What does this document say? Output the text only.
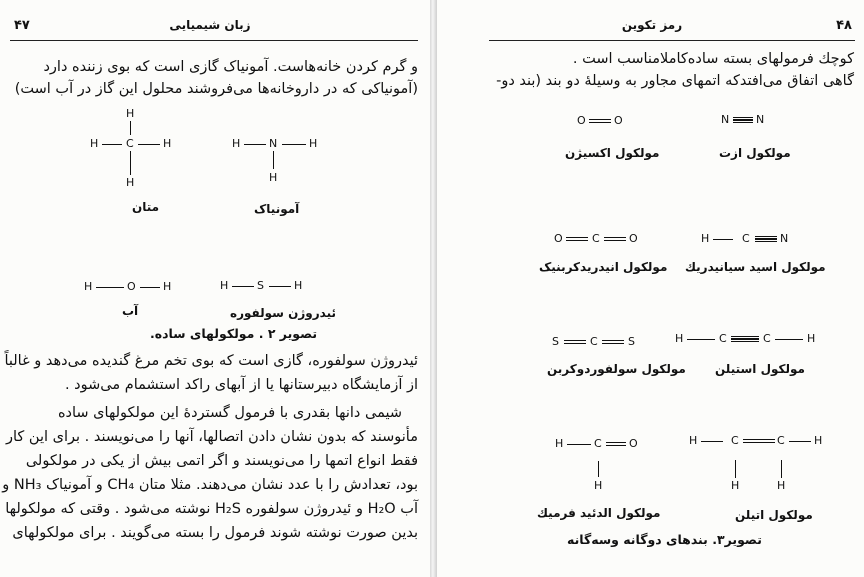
۴۷	زبان شیمیایی
و گرم کردن خانه‌هاست. آمونیاک گازی است که بوی زننده دارد
(آمونیاکی که در داروخانه‌ها می‌فروشند محلول این گاز در آب است)
H
H	C	H
H
متان
H	N	H
H
آمونیاک
H	O H
آب
H	S	H
ئیدروژن سولفوره
تصویر ۲ . مولکولهای ساده.
ئیدروژن سولفوره، گازی است که بوی تخم مرغ گندیده می‌دهد و غالباً
از آزمایشگاه دبیرستانها یا از آبهای راکد استشمام می‌شود .
شیمی دانها بقدری با فرمول گستردهٔ این مولکولهای ساده
مأنوسند که بدون نشان دادن اتصالها، آنها را می‌نویسند . برای این کار
فقط انواع اتمها را می‌نویسند و اگر اتمی بیش از یکی در مولکولی
بود، تعدادش را با عدد نشان می‌دهند. مثلا متان CH₄ و آمونیاک NH₃ و
آب H₂O و ئیدروژن سولفوره H₂S نوشته می‌شود . وقتی که مولکولها
بدین صورت نوشته شوند فرمول را بسته می‌گویند . برای مولکولهای
۴۸
رمز تکوین
کوچك فرمولهای بسته ساده‌کاملامناسب است .
گاهی اتفاق می‌افتدکه اتمهای مجاور به وسیلهٔ دو بند (بند دو-
O	O
مولکول اکسیژن
N N
مولکول ازت
O	C	O
مولکول انیدریدکربنیک
H	C	N
مولکول اسید سیانیدریك
S	C	S
مولکول سولفوردوکربن
H	C	C	H
مولکول استیلن
H	C O
H
مولکول الدئید فرمیك
H	C	C	H
H	H
مولکول اتیلن
تصویر۳. بندهای دوگانه وسه‌گانه
